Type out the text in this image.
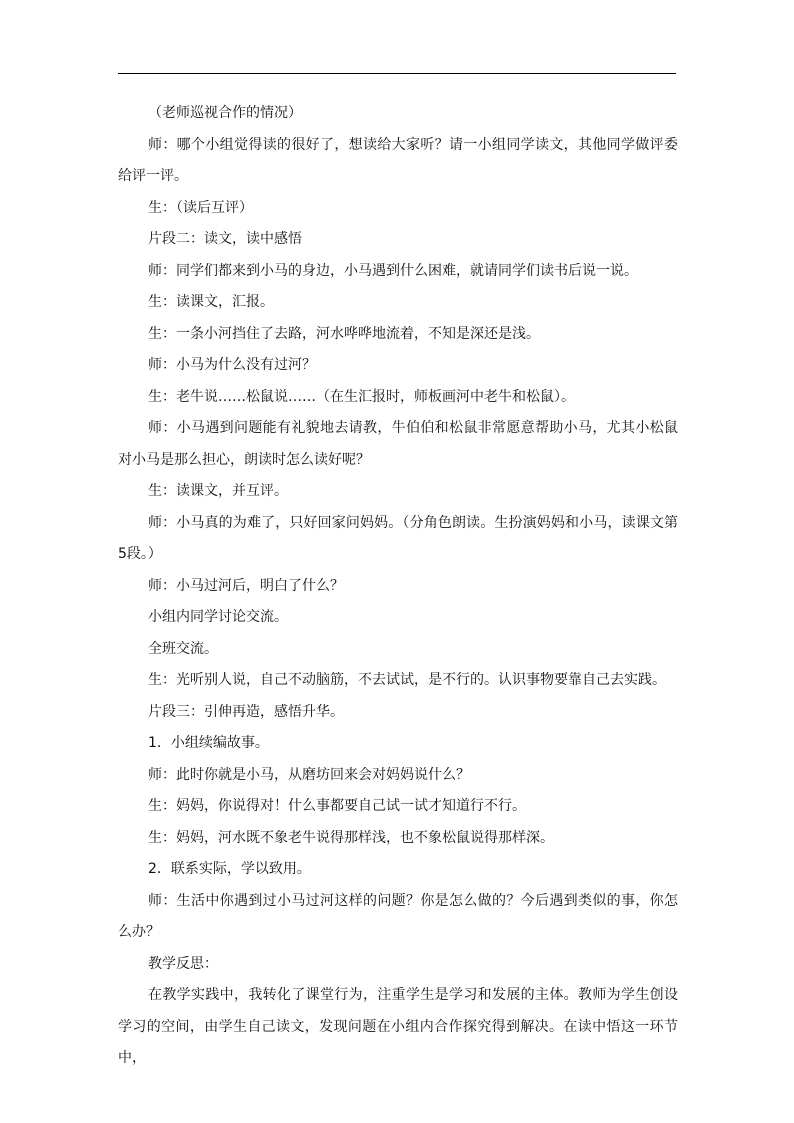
（老师巡视合作的情况）

师：哪个小组觉得读的很好了，想读给大家听？请一小组同学读文，其他同学做评委给评一评。

生：（读后互评）

片段二：读文，读中感悟

师：同学们都来到小马的身边，小马遇到什么困难，就请同学们读书后说一说。

生：读课文，汇报。

生：一条小河挡住了去路，河水哗哗地流着，不知是深还是浅。

师：小马为什么没有过河？

生：老牛说……松鼠说……（在生汇报时，师板画河中老牛和松鼠）。

师：小马遇到问题能有礼貌地去请教，牛伯伯和松鼠非常愿意帮助小马，尤其小松鼠对小马是那么担心，朗读时怎么读好呢？

生：读课文，并互评。

师：小马真的为难了，只好回家问妈妈。（分角色朗读。生扮演妈妈和小马，读课文第5段。）

师：小马过河后，明白了什么？

小组内同学讨论交流。

全班交流。

生：光听别人说，自己不动脑筋，不去试试，是不行的。认识事物要靠自己去实践。

片段三：引伸再造，感悟升华。

1．小组续编故事。

师：此时你就是小马，从磨坊回来会对妈妈说什么？

生：妈妈，你说得对！什么事都要自己试一试才知道行不行。

生：妈妈，河水既不象老牛说得那样浅，也不象松鼠说得那样深。

2．联系实际，学以致用。

师：生活中你遇到过小马过河这样的问题？你是怎么做的？今后遇到类似的事，你怎么办？

教学反思：

在教学实践中，我转化了课堂行为，注重学生是学习和发展的主体。教师为学生创设学习的空间，由学生自己读文，发现问题在小组内合作探究得到解决。在读中悟这一环节中，
